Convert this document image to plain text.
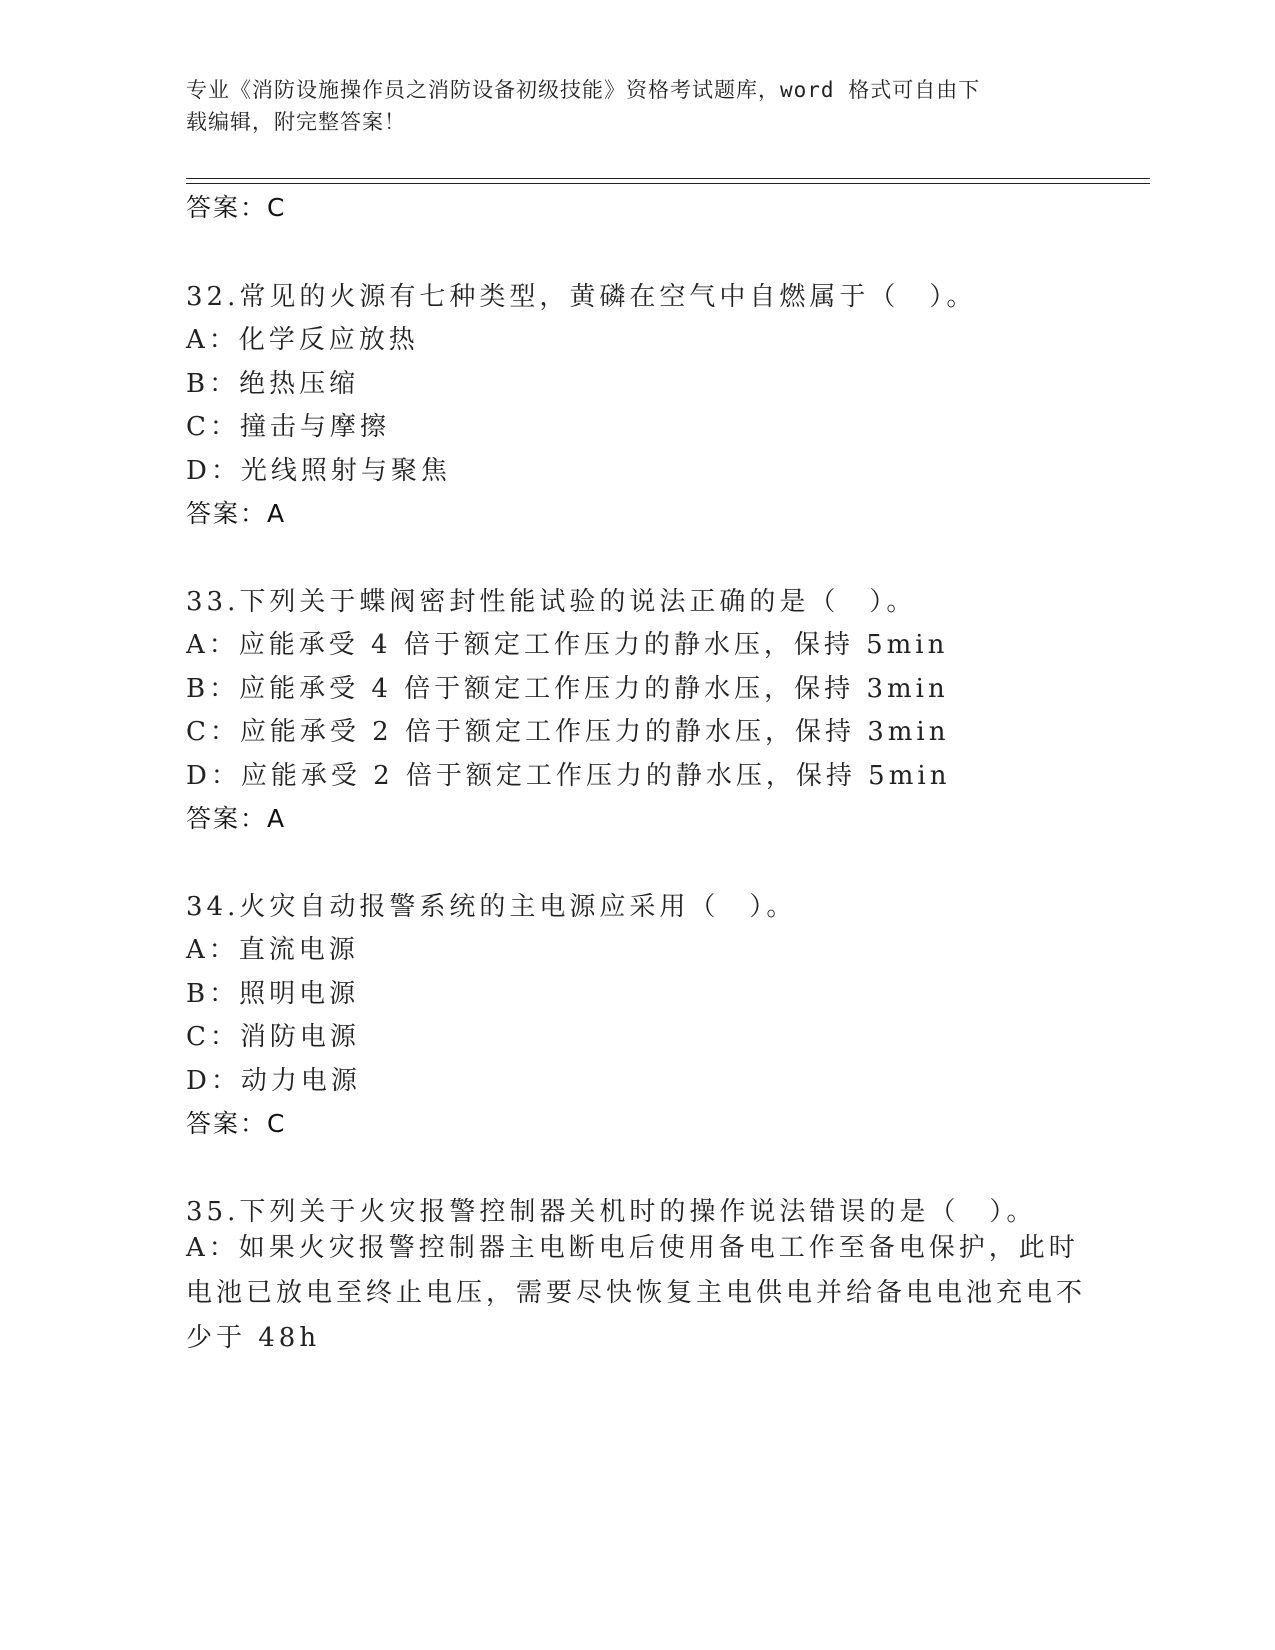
专业《消防设施操作员之消防设备初级技能》资格考试题库，word 格式可自由下
载编辑，附完整答案！
答案：C
32.常见的火源有七种类型，黄磷在空气中自燃属于（　）。
A：化学反应放热
B：绝热压缩
C：撞击与摩擦
D：光线照射与聚焦
答案：A
33.下列关于蝶阀密封性能试验的说法正确的是（　）。
A：应能承受 4 倍于额定工作压力的静水压，保持 5min
B：应能承受 4 倍于额定工作压力的静水压，保持 3min
C：应能承受 2 倍于额定工作压力的静水压，保持 3min
D：应能承受 2 倍于额定工作压力的静水压，保持 5min
答案：A
34.火灾自动报警系统的主电源应采用（　）。
A：直流电源
B：照明电源
C：消防电源
D：动力电源
答案：C
35.下列关于火灾报警控制器关机时的操作说法错误的是（　）。
A：如果火灾报警控制器主电断电后使用备电工作至备电保护，此时电池已放电至终止电压，需要尽快恢复主电供电并给备电电池充电不少于 48h
